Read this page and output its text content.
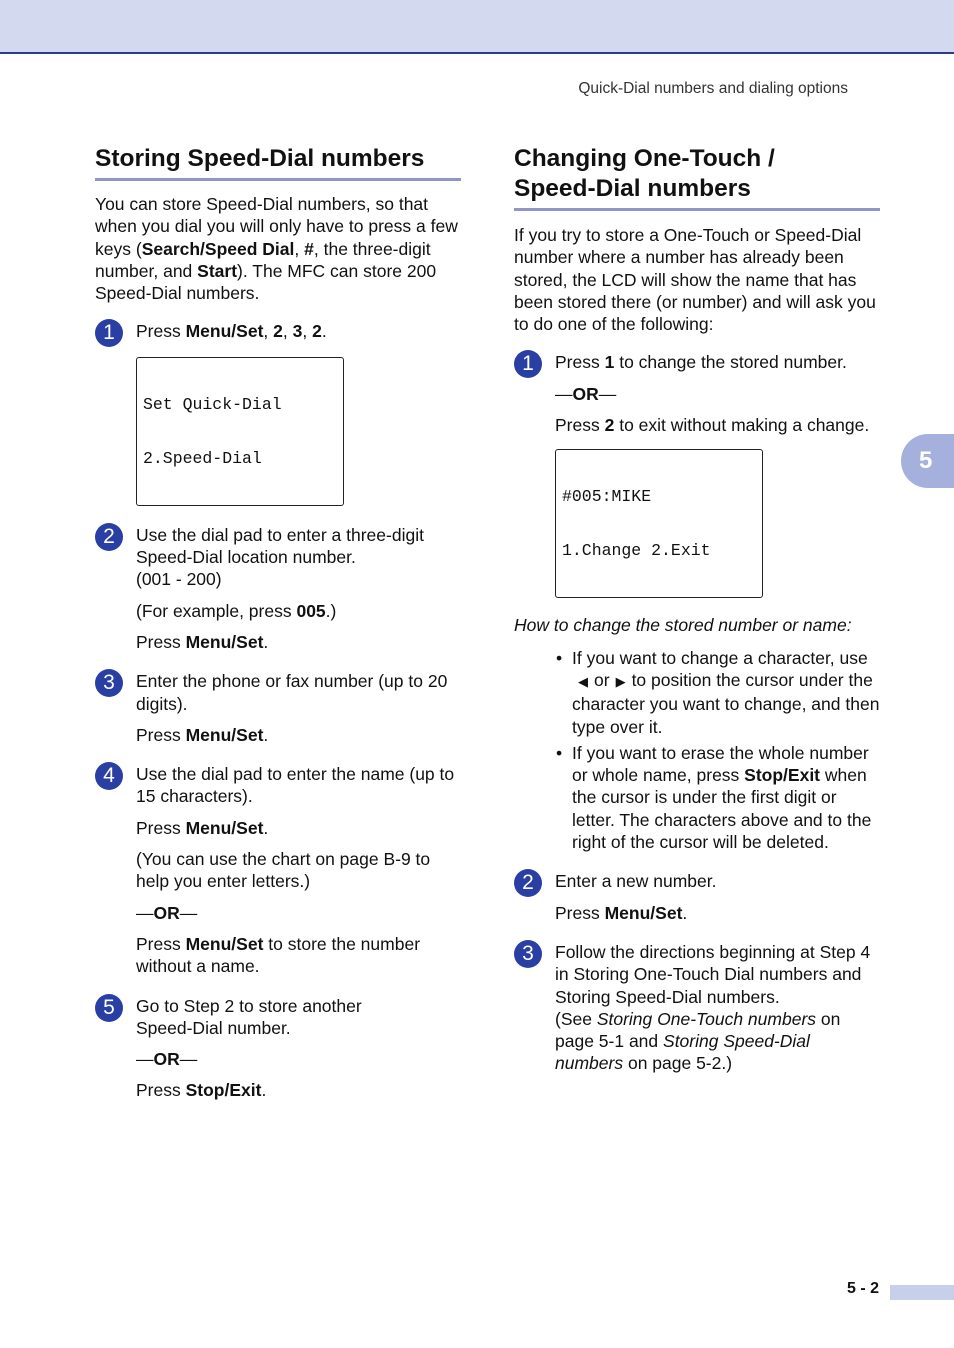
Quick-Dial numbers and dialing options
5
Storing Speed-Dial numbers

You can store Speed-Dial numbers, so that when you dial you will only have to press a few keys (Search/Speed Dial, #, the three-digit number, and Start). The MFC can store 200 Speed-Dial numbers.

1	Press Menu/Set, 2, 3, 2.

Set Quick-Dial

2.Speed-Dial

2	Use the dial pad to enter a three-digit Speed-Dial location number.
(001 - 200)

(For example, press 005.)

Press Menu/Set.

3	Enter the phone or fax number (up to 20 digits).

Press Menu/Set.

4	Use the dial pad to enter the name (up to 15 characters).

Press Menu/Set.

(You can use the chart on page B-9 to help you enter letters.)

—OR—

Press Menu/Set to store the number without a name.

5	Go to Step 2 to store another Speed-Dial number.

—OR—

Press Stop/Exit.

Changing One-Touch /
Speed-Dial numbers

If you try to store a One-Touch or Speed-Dial number where a number has already been stored, the LCD will show the name that has been stored there (or number) and will ask you to do one of the following:

1	Press 1 to change the stored number.

—OR—

Press 2 to exit without making a change.

#005:MIKE

1.Change 2.Exit

How to change the stored number or name:

• If you want to change a character, use ◀ or ▶ to position the cursor under the character you want to change, and then type over it.
• If you want to erase the whole number or whole name, press Stop/Exit when the cursor is under the first digit or letter. The characters above and to the right of the cursor will be deleted.
2	Enter a new number.

Press Menu/Set.

3	Follow the directions beginning at Step 4 in Storing One-Touch Dial numbers and Storing Speed-Dial numbers.
(See Storing One-Touch numbers on page 5-1 and Storing Speed-Dial numbers on page 5-2.)

5 - 2
